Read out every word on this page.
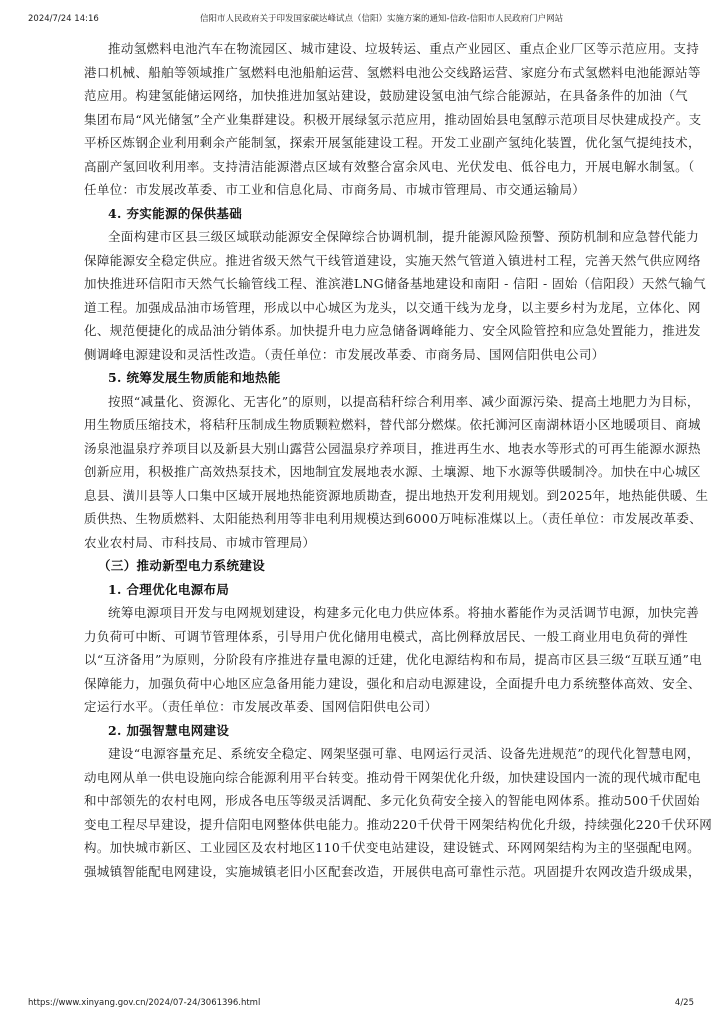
2024/7/24 14:16	信阳市人民政府关于印发国家碳达峰试点（信阳）实施方案的通知-信政-信阳市人民政府门户网站

推动氢燃料电池汽车在物流园区、城市建设、垃圾转运、重点产业园区、重点企业厂区等示范应用。支持

港口机械、船舶等领域推广氢燃料电池船舶运营、氢燃料电池公交线路运营、家庭分布式氢燃料电池能源站等

范应用。构建氢能储运网络，加快推进加氢站建设，鼓励建设氢电油气综合能源站，在具备条件的加油（气

集团布局“风光储氢”全产业集群建设。积极开展绿氢示范应用，推动固始县电氢醇示范项目尽快建成投产。支

平桥区炼钢企业利用剩余产能制氢，探索开展氢能建设工程。开发工业副产氢纯化装置，优化氢气提纯技术，

高副产氢回收利用率。支持清洁能源潜点区域有效整合富余风电、光伏发电、低谷电力，开展电解水制氢。（

任单位：市发展改革委、市工业和信息化局、市商务局、市城市管理局、市交通运输局）

4. 夯实能源的保供基础

全面构建市区县三级区域联动能源安全保障综合协调机制，提升能源风险预警、预防机制和应急替代能力

保障能源安全稳定供应。推进省级天然气干线管道建设，实施天然气管道入镇进村工程，完善天然气供应网络

加快推进环信阳市天然气长输管线工程、淮滨港LNG储备基地建设和南阳 - 信阳 - 固始（信阳段）天然气输气

道工程。加强成品油市场管理，形成以中心城区为龙头，以交通干线为龙身，以主要乡村为龙尾，立体化、网

化、规范便捷化的成品油分销体系。加快提升电力应急储备调峰能力、安全风险管控和应急处置能力，推进发

侧调峰电源建设和灵活性改造。（责任单位：市发展改革委、市商务局、国网信阳供电公司）

5. 统筹发展生物质能和地热能

按照“减量化、资源化、无害化”的原则，以提高秸秆综合利用率、减少面源污染、提高土地肥力为目标，

用生物质压缩技术，将秸秆压制成生物质颗粒燃料，替代部分燃煤。依托浉河区南湖林语小区地暖项目、商城

汤泉池温泉疗养项目以及新县大别山露营公园温泉疗养项目，推进再生水、地表水等形式的可再生能源水源热

创新应用，积极推广高效热泵技术，因地制宜发展地表水源、土壤源、地下水源等供暖制冷。加快在中心城区

息县、潢川县等人口集中区域开展地热能资源地质勘查，提出地热开发利用规划。到2025年，地热能供暖、生

质供热、生物质燃料、太阳能热利用等非电利用规模达到6000万吨标准煤以上。（责任单位：市发展改革委、

农业农村局、市科技局、市城市管理局）

（三）推动新型电力系统建设
1. 合理优化电源布局

统筹电源项目开发与电网规划建设，构建多元化电力供应体系。将抽水蓄能作为灵活调节电源，加快完善

力负荷可中断、可调节管理体系，引导用户优化储用电模式，高比例释放居民、一般工商业用电负荷的弹性

以“互济备用”为原则，分阶段有序推进存量电源的迁建，优化电源结构和布局，提高市区县三级“互联互通”电

保障能力，加强负荷中心地区应急备用能力建设，强化和启动电源建设，全面提升电力系统整体高效、安全、

定运行水平。（责任单位：市发展改革委、国网信阳供电公司）

2. 加强智慧电网建设

建设“电源容量充足、系统安全稳定、网架坚强可靠、电网运行灵活、设备先进规范”的现代化智慧电网，

动电网从单一供电设施向综合能源利用平台转变。推动骨干网架优化升级，加快建设国内一流的现代城市配电

和中部领先的农村电网，形成各电压等级灵活调配、多元化负荷安全接入的智能电网体系。推动500千伏固始

变电工程尽早建设，提升信阳电网整体供电能力。推动220千伏骨干网架结构优化升级，持续强化220千伏环网

构。加快城市新区、工业园区及农村地区110千伏变电站建设，建设链式、环网网架结构为主的坚强配电网。

强城镇智能配电网建设，实施城镇老旧小区配套改造，开展供电高可靠性示范。巩固提升农网改造升级成果，

https://www.xinyang.gov.cn/2024/07-24/3061396.html	4/25
